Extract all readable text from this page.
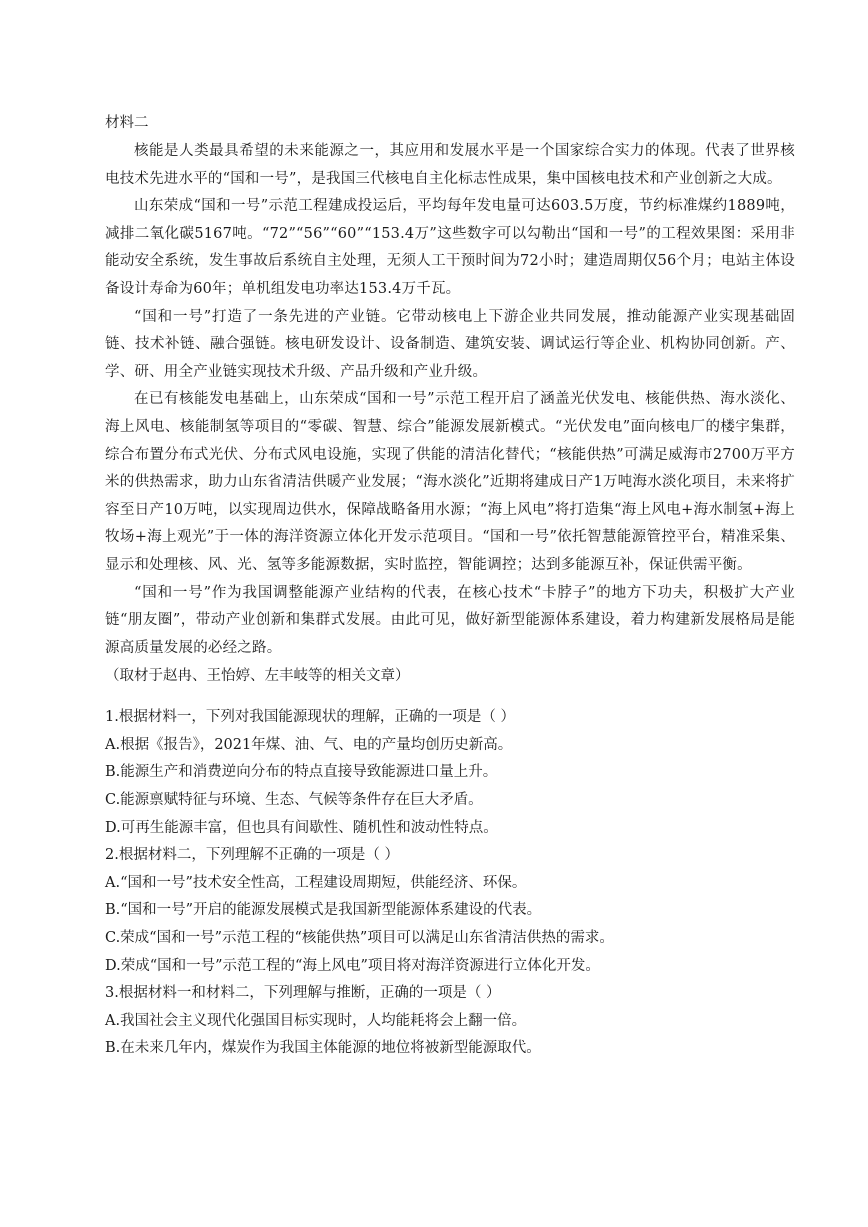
材料二

核能是人类最具希望的未来能源之一，其应用和发展水平是一个国家综合实力的体现。代表了世界核电技术先进水平的“国和一号”，是我国三代核电自主化标志性成果，集中国核电技术和产业创新之大成。

山东荣成“国和一号”示范工程建成投运后，平均每年发电量可达603.5万度，节约标准煤约1889吨，减排二氧化碳5167吨。“72”“56”“60”“153.4万”这些数字可以勾勒出“国和一号”的工程效果图：采用非能动安全系统，发生事故后系统自主处理，无须人工干预时间为72小时；建造周期仅56个月；电站主体设备设计寿命为60年；单机组发电功率达153.4万千瓦。

“国和一号”打造了一条先进的产业链。它带动核电上下游企业共同发展，推动能源产业实现基础固链、技术补链、融合强链。核电研发设计、设备制造、建筑安装、调试运行等企业、机构协同创新。产、学、研、用全产业链实现技术升级、产品升级和产业升级。

在已有核能发电基础上，山东荣成“国和一号”示范工程开启了涵盖光伏发电、核能供热、海水淡化、海上风电、核能制氢等项目的“零碳、智慧、综合”能源发展新模式。“光伏发电”面向核电厂的楼宇集群，综合布置分布式光伏、分布式风电设施，实现了供能的清洁化替代；“核能供热”可满足威海市2700万平方米的供热需求，助力山东省清洁供暖产业发展；“海水淡化”近期将建成日产1万吨海水淡化项目，未来将扩容至日产10万吨，以实现周边供水，保障战略备用水源；“海上风电”将打造集“海上风电+海水制氢+海上牧场+海上观光”于一体的海洋资源立体化开发示范项目。“国和一号”依托智慧能源管控平台，精准采集、显示和处理核、风、光、氢等多能源数据，实时监控，智能调控；达到多能源互补，保证供需平衡。

“国和一号”作为我国调整能源产业结构的代表，在核心技术“卡脖子”的地方下功夫，积极扩大产业链“朋友圈”，带动产业创新和集群式发展。由此可见，做好新型能源体系建设，着力构建新发展格局是能源高质量发展的必经之路。

（取材于赵冉、王怡婷、左丰岐等的相关文章）

1.根据材料一，下列对我国能源现状的理解，正确的一项是（ ）

A.根据《报告》，2021年煤、油、气、电的产量均创历史新高。

B.能源生产和消费逆向分布的特点直接导致能源进口量上升。

C.能源禀赋特征与环境、生态、气候等条件存在巨大矛盾。

D.可再生能源丰富，但也具有间歇性、随机性和波动性特点。

2.根据材料二，下列理解不正确的一项是（ ）

A.“国和一号”技术安全性高，工程建设周期短，供能经济、环保。

B.“国和一号”开启的能源发展模式是我国新型能源体系建设的代表。

C.荣成“国和一号”示范工程的“核能供热”项目可以满足山东省清洁供热的需求。

D.荣成“国和一号”示范工程的“海上风电”项目将对海洋资源进行立体化开发。

3.根据材料一和材料二，下列理解与推断，正确的一项是（ ）

A.我国社会主义现代化强国目标实现时，人均能耗将会上翻一倍。

B.在未来几年内，煤炭作为我国主体能源的地位将被新型能源取代。
